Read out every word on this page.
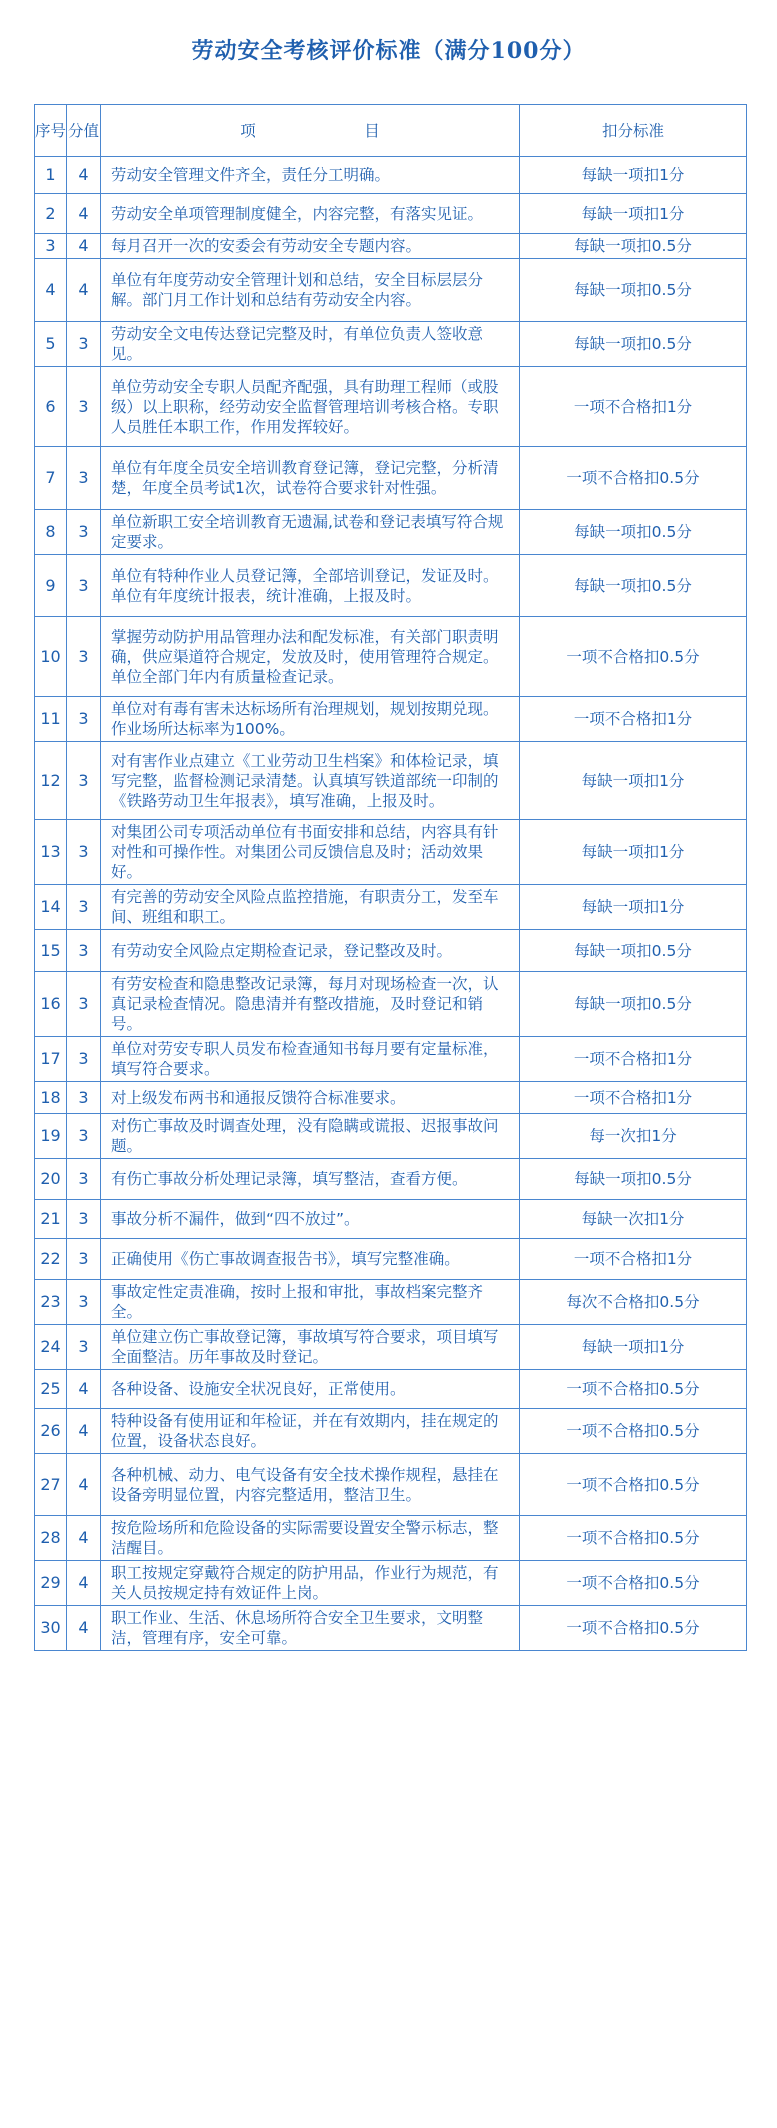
劳动安全考核评价标准（满分100分）
序号	分值	项　　　　　　　目	扣分标准
1	4	劳动安全管理文件齐全，责任分工明确。	每缺一项扣1分
2	4	劳动安全单项管理制度健全，内容完整，有落实见证。	每缺一项扣1分
3	4	每月召开一次的安委会有劳动安全专题内容。	每缺一项扣0.5分
4	4	单位有年度劳动安全管理计划和总结，安全目标层层分解。部门月工作计划和总结有劳动安全内容。	每缺一项扣0.5分
5	3	劳动安全文电传达登记完整及时，有单位负责人签收意见。	每缺一项扣0.5分
6	3	单位劳动安全专职人员配齐配强，具有助理工程师（或股级）以上职称，经劳动安全监督管理培训考核合格。专职人员胜任本职工作，作用发挥较好。	一项不合格扣1分
7	3	单位有年度全员安全培训教育登记簿，登记完整，分析清楚，年度全员考试1次，试卷符合要求针对性强。	一项不合格扣0.5分
8	3	单位新职工安全培训教育无遗漏,试卷和登记表填写符合规定要求。	每缺一项扣0.5分
9	3	单位有特种作业人员登记簿，全部培训登记，发证及时。单位有年度统计报表，统计准确，上报及时。	每缺一项扣0.5分
10	3	掌握劳动防护用品管理办法和配发标准，有关部门职责明确，供应渠道符合规定，发放及时，使用管理符合规定。单位全部门年内有质量检查记录。	一项不合格扣0.5分
11	3	单位对有毒有害未达标场所有治理规划，规划按期兑现。作业场所达标率为100%。	一项不合格扣1分
12	3	对有害作业点建立《工业劳动卫生档案》和体检记录，填写完整，监督检测记录清楚。认真填写铁道部统一印制的《铁路劳动卫生年报表》，填写准确，上报及时。	每缺一项扣1分
13	3	对集团公司专项活动单位有书面安排和总结，内容具有针对性和可操作性。对集团公司反馈信息及时；活动效果好。	每缺一项扣1分
14	3	有完善的劳动安全风险点监控措施，有职责分工，发至车间、班组和职工。	每缺一项扣1分
15	3	有劳动安全风险点定期检查记录，登记整改及时。	每缺一项扣0.5分
16	3	有劳安检查和隐患整改记录簿，每月对现场检查一次，认真记录检查情况。隐患清并有整改措施，及时登记和销号。	每缺一项扣0.5分
17	3	单位对劳安专职人员发布检查通知书每月要有定量标准，填写符合要求。	一项不合格扣1分
18	3	对上级发布两书和通报反馈符合标准要求。	一项不合格扣1分
19	3	对伤亡事故及时调查处理，没有隐瞒或谎报、迟报事故问题。	每一次扣1分
20	3	有伤亡事故分析处理记录簿，填写整洁，查看方便。	每缺一项扣0.5分
21	3	事故分析不漏件，做到“四不放过”。	每缺一次扣1分
22	3	正确使用《伤亡事故调查报告书》，填写完整准确。	一项不合格扣1分
23	3	事故定性定责准确，按时上报和审批，事故档案完整齐全。	每次不合格扣0.5分
24	3	单位建立伤亡事故登记簿，事故填写符合要求，项目填写全面整洁。历年事故及时登记。	每缺一项扣1分
25	4	各种设备、设施安全状况良好，正常使用。	一项不合格扣0.5分
26	4	特种设备有使用证和年检证，并在有效期内，挂在规定的位置，设备状态良好。	一项不合格扣0.5分
27	4	各种机械、动力、电气设备有安全技术操作规程，悬挂在设备旁明显位置，内容完整适用，整洁卫生。	一项不合格扣0.5分
28	4	按危险场所和危险设备的实际需要设置安全警示标志，整洁醒目。	一项不合格扣0.5分
29	4	职工按规定穿戴符合规定的防护用品，作业行为规范，有关人员按规定持有效证件上岗。	一项不合格扣0.5分
30	4	职工作业、生活、休息场所符合安全卫生要求，文明整洁，管理有序，安全可靠。	一项不合格扣0.5分
